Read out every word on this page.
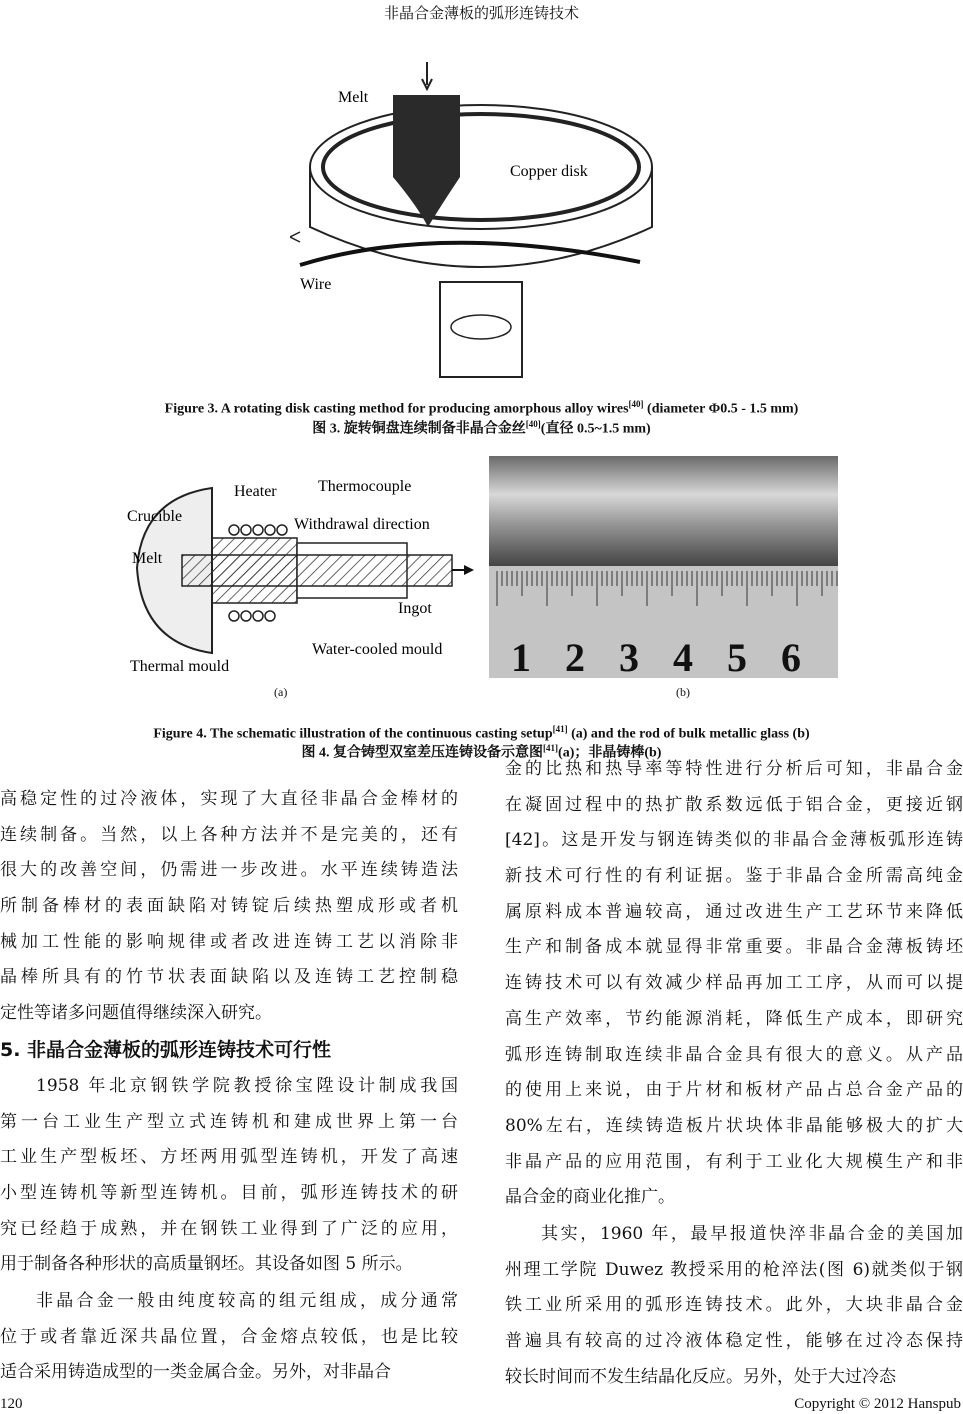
非晶合金薄板的弧形连铸技术
Melt
Copper disk
Wire
Figure 3. A rotating disk casting method for producing amorphous alloy wires[40] (diameter Φ0.5 - 1.5 mm)
图 3. 旋转铜盘连续制备非晶合金丝[40](直径 0.5~1.5 mm)
Heater	Thermocouple
Crucible	Withdrawal direction
Melt
Ingot
Water-cooled mould
Thermal mould	1 2 3 4 5 6
(a)	(b)
Figure 4. The schematic illustration of the continuous casting setup[41] (a) and the rod of bulk metallic glass (b)
图 4. 复合铸型双室差压连铸设备示意图[41](a)；非晶铸棒(b)
高稳定性的过冷液体，实现了大直径非晶合金棒材的
连续制备。当然，以上各种方法并不是完美的，还有
很大的改善空间，仍需进一步改进。水平连续铸造法
所制备棒材的表面缺陷对铸锭后续热塑成形或者机
械加工性能的影响规律或者改进连铸工艺以消除非
晶棒所具有的竹节状表面缺陷以及连铸工艺控制稳
定性等诸多问题值得继续深入研究。
5. 非晶合金薄板的弧形连铸技术可行性
1958 年北京钢铁学院教授徐宝陞设计制成我国
第一台工业生产型立式连铸机和建成世界上第一台
工业生产型板坯、方坯两用弧型连铸机，开发了高速
小型连铸机等新型连铸机。目前，弧形连铸技术的研
究已经趋于成熟，并在钢铁工业得到了广泛的应用，
用于制备各种形状的高质量钢坯。其设备如图 5 所示。
非晶合金一般由纯度较高的组元组成，成分通常
位于或者靠近深共晶位置，合金熔点较低，也是比较
适合采用铸造成型的一类金属合金。另外，对非晶合
金的比热和热导率等特性进行分析后可知，非晶合金
在凝固过程中的热扩散系数远低于铝合金，更接近钢
[42]。这是开发与钢连铸类似的非晶合金薄板弧形连铸
新技术可行性的有利证据。鉴于非晶合金所需高纯金
属原料成本普遍较高，通过改进生产工艺环节来降低
生产和制备成本就显得非常重要。非晶合金薄板铸坯
连铸技术可以有效减少样品再加工工序，从而可以提
高生产效率，节约能源消耗，降低生产成本，即研究
弧形连铸制取连续非晶合金具有很大的意义。从产品
的使用上来说，由于片材和板材产品占总合金产品的
80%左右，连续铸造板片状块体非晶能够极大的扩大
非晶产品的应用范围，有利于工业化大规模生产和非
晶合金的商业化推广。
其实，1960 年，最早报道快淬非晶合金的美国加
州理工学院 Duwez 教授采用的枪淬法(图 6)就类似于钢
铁工业所采用的弧形连铸技术。此外，大块非晶合金
普遍具有较高的过冷液体稳定性，能够在过冷态保持
较长时间而不发生结晶化反应。另外，处于大过冷态
120	Copyright © 2012 Hanspub
